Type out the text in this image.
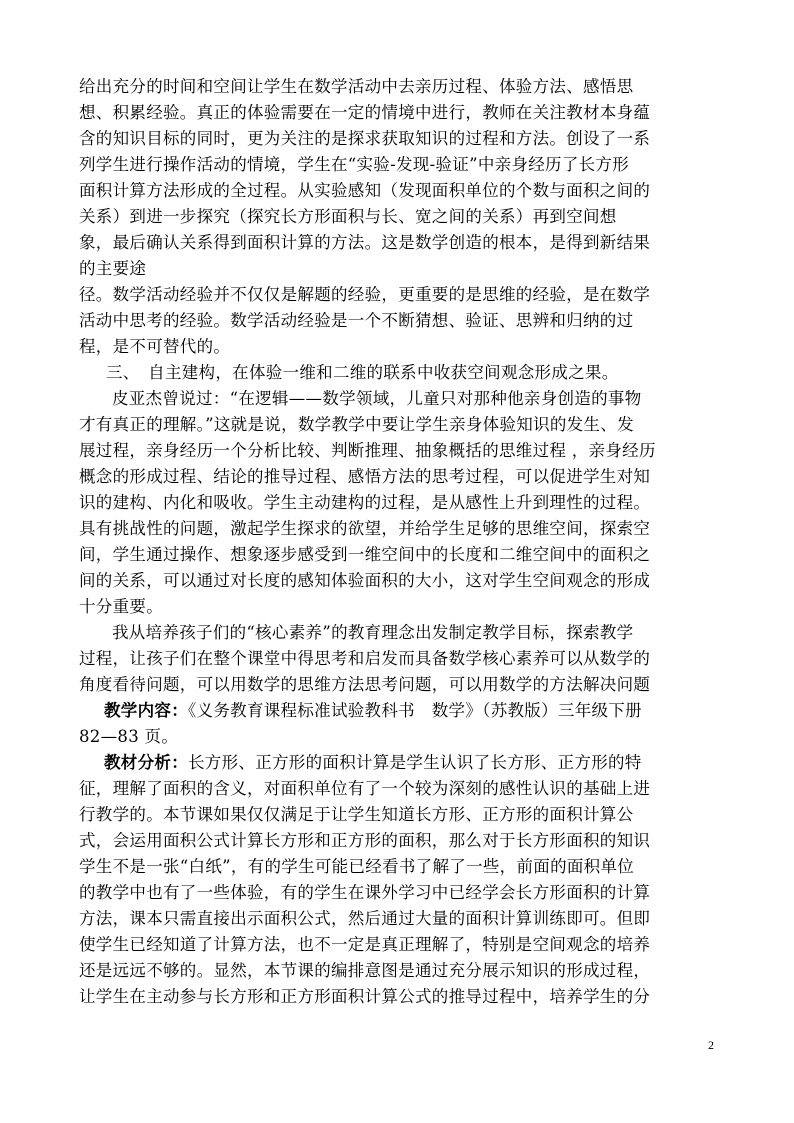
给出充分的时间和空间让学生在数学活动中去亲历过程、体验方法、感悟思
想、积累经验。真正的体验需要在一定的情境中进行，教师在关注教材本身蕴
含的知识目标的同时，更为关注的是探求获取知识的过程和方法。创设了一系
列学生进行操作活动的情境，学生在“实验-发现-验证”中亲身经历了长方形
面积计算方法形成的全过程。从实验感知（发现面积单位的个数与面积之间的
关系）到进一步探究（探究长方形面积与长、宽之间的关系）再到空间想
象，最后确认关系得到面积计算的方法。这是数学创造的根本，是得到新结果
的主要途
径。数学活动经验并不仅仅是解题的经验，更重要的是思维的经验，是在数学
活动中思考的经验。数学活动经验是一个不断猜想、验证、思辨和归纳的过
程，是不可替代的。
三、　自主建构，在体验一维和二维的联系中收获空间观念形成之果。
皮亚杰曾说过：“在逻辑——数学领域，儿童只对那种他亲身创造的事物
才有真正的理解。”这就是说，数学教学中要让学生亲身体验知识的发生、发
展过程，亲身经历一个分析比较、判断推理、抽象概括的思维过程 ，亲身经历
概念的形成过程、结论的推导过程、感悟方法的思考过程，可以促进学生对知
识的建构、内化和吸收。学生主动建构的过程，是从感性上升到理性的过程。
具有挑战性的问题，激起学生探求的欲望，并给学生足够的思维空间，探索空
间，学生通过操作、想象逐步感受到一维空间中的长度和二维空间中的面积之
间的关系，可以通过对长度的感知体验面积的大小，这对学生空间观念的形成
十分重要。
我从培养孩子们的“核心素养”的教育理念出发制定教学目标，探索教学
过程，让孩子们在整个课堂中得思考和启发而具备数学核心素养可以从数学的
角度看待问题，可以用数学的思维方法思考问题，可以用数学的方法解决问题
教学内容：《义务教育课程标准试验教科书　数学》（苏教版）三年级下册
82—83 页。
教材分析：长方形、正方形的面积计算是学生认识了长方形、正方形的特
征，理解了面积的含义，对面积单位有了一个较为深刻的感性认识的基础上进
行教学的。本节课如果仅仅满足于让学生知道长方形、正方形的面积计算公
式，会运用面积公式计算长方形和正方形的面积，那么对于长方形面积的知识
学生不是一张“白纸”，有的学生可能已经看书了解了一些，前面的面积单位
的教学中也有了一些体验，有的学生在课外学习中已经学会长方形面积的计算
方法，课本只需直接出示面积公式，然后通过大量的面积计算训练即可。但即
使学生已经知道了计算方法，也不一定是真正理解了，特别是空间观念的培养
还是远远不够的。显然，本节课的编排意图是通过充分展示知识的形成过程，
让学生在主动参与长方形和正方形面积计算公式的推导过程中，培养学生的分
2
